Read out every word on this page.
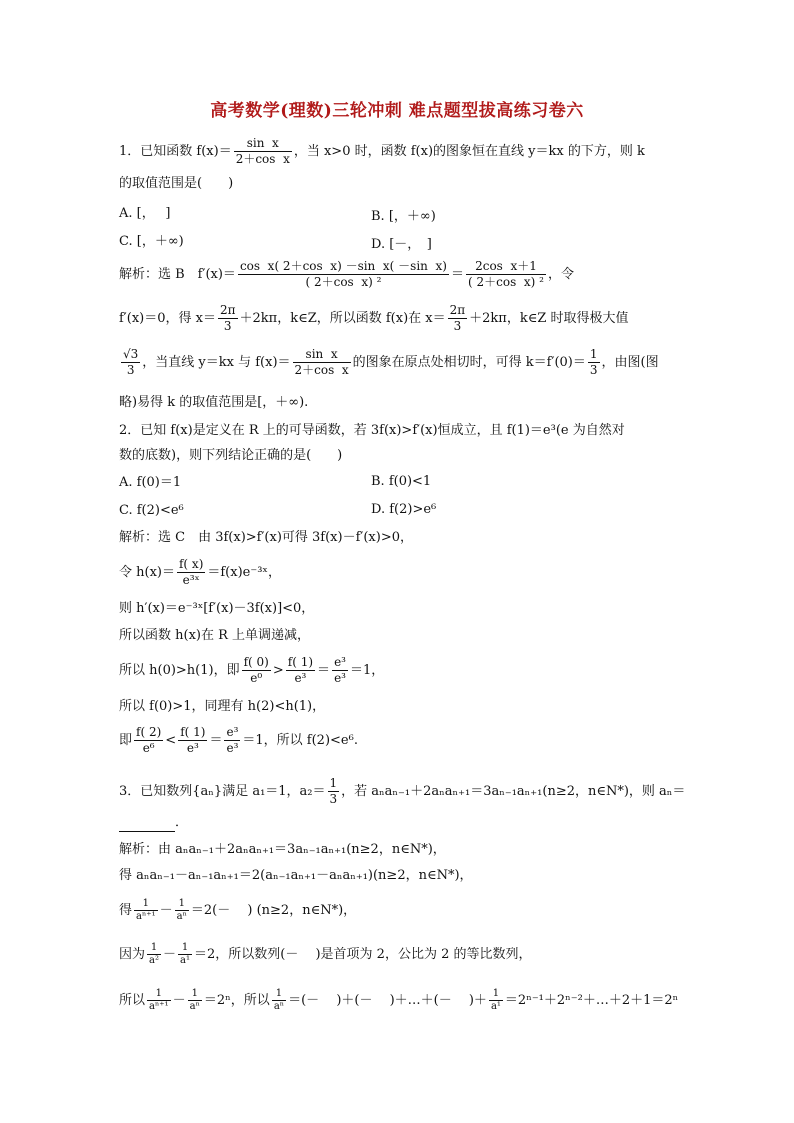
高考数学(理数)三轮冲刺 难点题型拔高练习卷六
1．已知函数 $f(x)= \frac{\text{sin  x}}{\text{2＋cos  x}}$ ，当 x>0 时，函数 f(x)的图象恒在直线 y＝kx 的下方，则 k
的取值范围是(　　)
A. [，　 ]	B. [，＋∞)
C. [，＋∞)	D. [－，　]
解析：选 B　$f'(x)= \frac{\text{cos  x( 2＋cos  x) －sin  x( －sin  x)}}{\text{( 2＋cos  x) ²}} = \frac{\text{2cos  x＋1}}{\text{( 2＋cos  x) ²}}$ ，令
f′(x)＝0，得 $x= \frac{2\pi}{3} +2k\pi$，k∈Z，所以函数 f(x)在 $x= \frac{2\pi}{3} +2k\pi$，k∈Z 时取得极大值
$\frac{√3}{3}$ ，当直线 y＝kx 与 $f(x)= \frac{\text{sin  x}}{\text{2＋cos  x}}$ 的图象在原点处相切时，可得 $k=f'(0)= \frac{1}{3}$ ，由图(图
略)易得 k 的取值范围是[，＋∞).
2．已知 f(x)是定义在 R 上的可导函数，若 3f(x)>f′(x)恒成立，且 f(1)＝e³(e 为自然对
数的底数)，则下列结论正确的是(　　)
A. f(0)＝1	B. f(0)<1
C. f(2)<e⁶	D. f(2)>e⁶
解析：选 C　由 3f(x)>f′(x)可得 3f(x)－f′(x)>0，
令 $h(x)= \frac{f( x)}{\text{e³ˣ}}$ ＝f(x)e⁻³ˣ，
则 h′(x)＝e⁻³ˣ[f′(x)－3f(x)]<0，
所以函数 h(x)在 R 上单调递减，
所以 h(0)>h(1)，即 $\frac{f( 0)}{\text{e⁰}} > \frac{f( 1)}{\text{e³}} = \frac{\text{e³}}{\text{e³}} =1$，
所以 f(0)>1，同理有 h(2)<h(1)，
即 $\frac{f( 2)}{\text{e⁶}} < \frac{f( 1)}{\text{e³}} = \frac{\text{e³}}{\text{e³}} =1$，所以 f(2)<e⁶.
3．已知数列{aₙ}满足 a₁＝1，$a_2= \frac{1}{3}$ ，若 aₙaₙ₋₁＋2aₙaₙ₊₁＝3aₙ₋₁aₙ₊₁(n≥2，n∈N*)，则 aₙ＝
．
解析：由 aₙaₙ₋₁＋2aₙaₙ₊₁＝3aₙ₋₁aₙ₊₁(n≥2，n∈N*)，
得 aₙaₙ₋₁－aₙ₋₁aₙ₊₁＝2(aₙ₋₁aₙ₊₁－aₙaₙ₊₁)(n≥2，n∈N*)，
得 $\frac{1}{\text{aⁿ⁺¹}} - \frac{1}{\text{aⁿ}} =2(-$　 ) (n≥2，n∈N*)，
因为 $\frac{1}{\text{a²}} - \frac{1}{\text{a¹}} =2$，所以数列(－　 )是首项为 2，公比为 2 的等比数列，
所以 $\frac{1}{\text{aⁿ⁺¹}} - \frac{1}{\text{aⁿ}} =2^n$，所以 $\frac{1}{\text{aⁿ}}$ ＝(－　 )＋(－　 )＋…＋(－　 )＋ $\frac{1}{\text{a¹}}$ ＝2ⁿ⁻¹＋2ⁿ⁻²＋…＋2＋1＝2ⁿ
